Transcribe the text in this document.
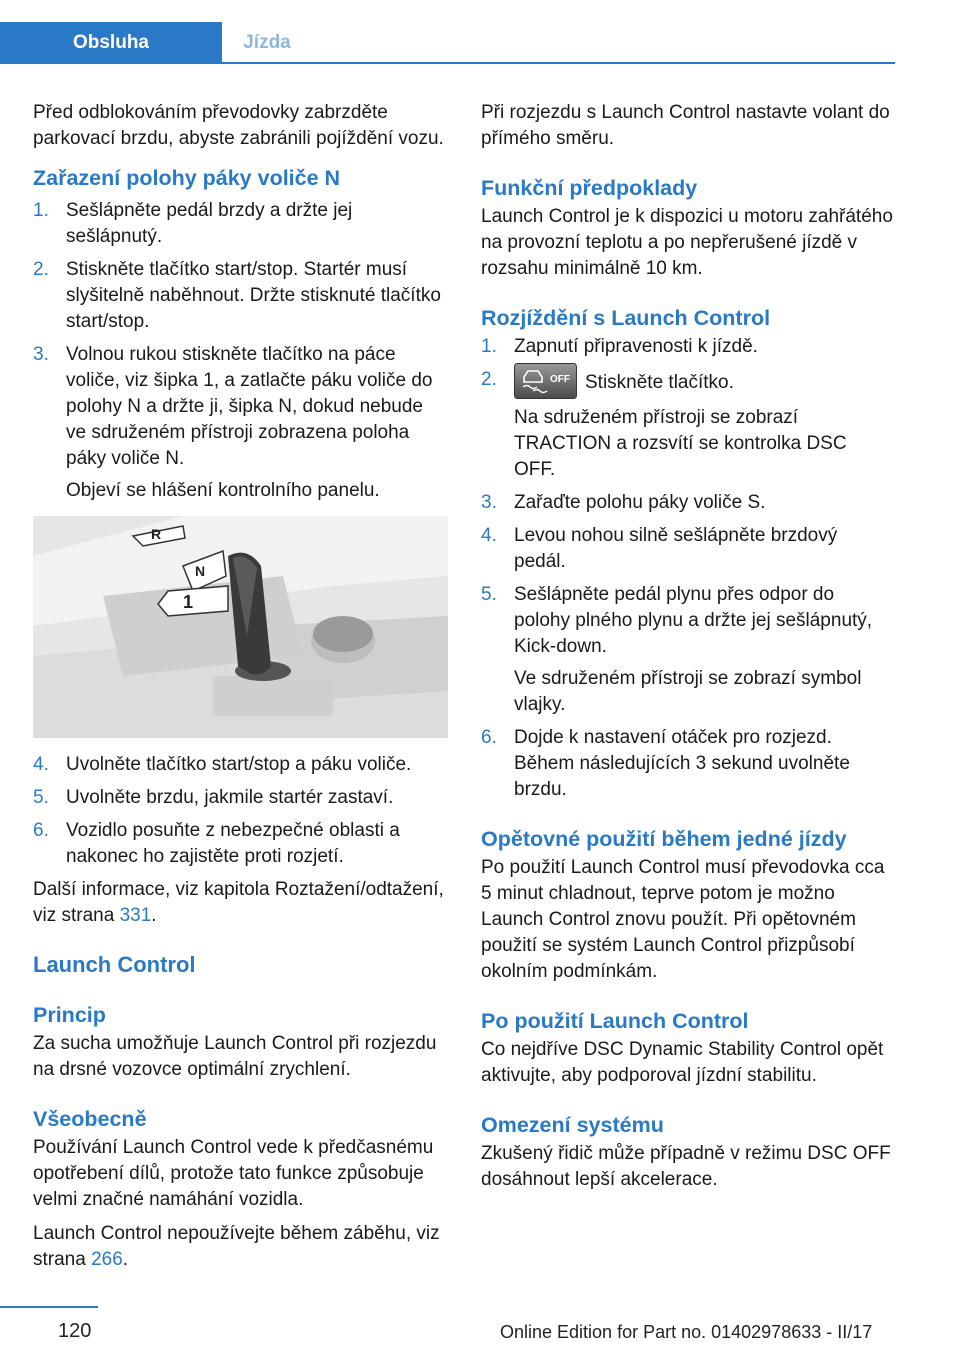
Obsluha	Jízda

Před odblokováním převodovky zabrzděte parkovací brzdu, abyste zabránili pojíždění vozu.

Zařazení polohy páky voliče N
1. Sešlápněte pedál brzdy a držte jej sešlápnutý.
2. Stiskněte tlačítko start/stop. Startér musí slyšitelně naběhnout. Držte stisknuté tlačítko start/stop.
3. Volnou rukou stiskněte tlačítko na páce voliče, viz šipka 1, a zatlačte páku voliče do polohy N a držte ji, šipka N, dokud nebude ve sdruženém přístroji zobrazena poloha páky voliče N.
Objeví se hlášení kontrolního panelu.
R
N
1
4. Uvolněte tlačítko start/stop a páku voliče.
5. Uvolněte brzdu, jakmile startér zastaví.
6. Vozidlo posuňte z nebezpečné oblasti a nakonec ho zajistěte proti rozjetí.

Další informace, viz kapitola Roztažení/odtažení, viz strana 331.

Launch Control
Princip

Za sucha umožňuje Launch Control při rozjezdu na drsné vozovce optimální zrychlení.

Všeobecně

Používání Launch Control vede k předčasnému opotřebení dílů, protože tato funkce způsobuje velmi značné namáhání vozidla.

Launch Control nepoužívejte během záběhu, viz strana 266.

Při rozjezdu s Launch Control nastavte volant do přímého směru.

Funkční předpoklady

Launch Control je k dispozici u motoru zahřátého na provozní teplotu a po nepřerušené jízdě v rozsahu minimálně 10 km.

Rozjíždění s Launch Control
1. Zapnutí připravenosti k jízdě.
2.	OFF Stiskněte tlačítko.
Na sdruženém přístroji se zobrazí TRACTION a rozsvítí se kontrolka DSC OFF.
3. Zařaďte polohu páky voliče S.
4. Levou nohou silně sešlápněte brzdový pedál.
5. Sešlápněte pedál plynu přes odpor do polohy plného plynu a držte jej sešlápnutý, Kick-down.
Ve sdruženém přístroji se zobrazí symbol vlajky.
6. Dojde k nastavení otáček pro rozjezd. Během následujících 3 sekund uvolněte brzdu.
Opětovné použití během jedné jízdy

Po použití Launch Control musí převodovka cca 5 minut chladnout, teprve potom je možno Launch Control znovu použít. Při opětovném použití se systém Launch Control přizpůsobí okolním podmínkám.

Po použití Launch Control

Co nejdříve DSC Dynamic Stability Control opět aktivujte, aby podporoval jízdní stabilitu.

Omezení systému

Zkušený řidič může případně v režimu DSC OFF dosáhnout lepší akcelerace.

120	Online Edition for Part no. 01402978633 - II/17
